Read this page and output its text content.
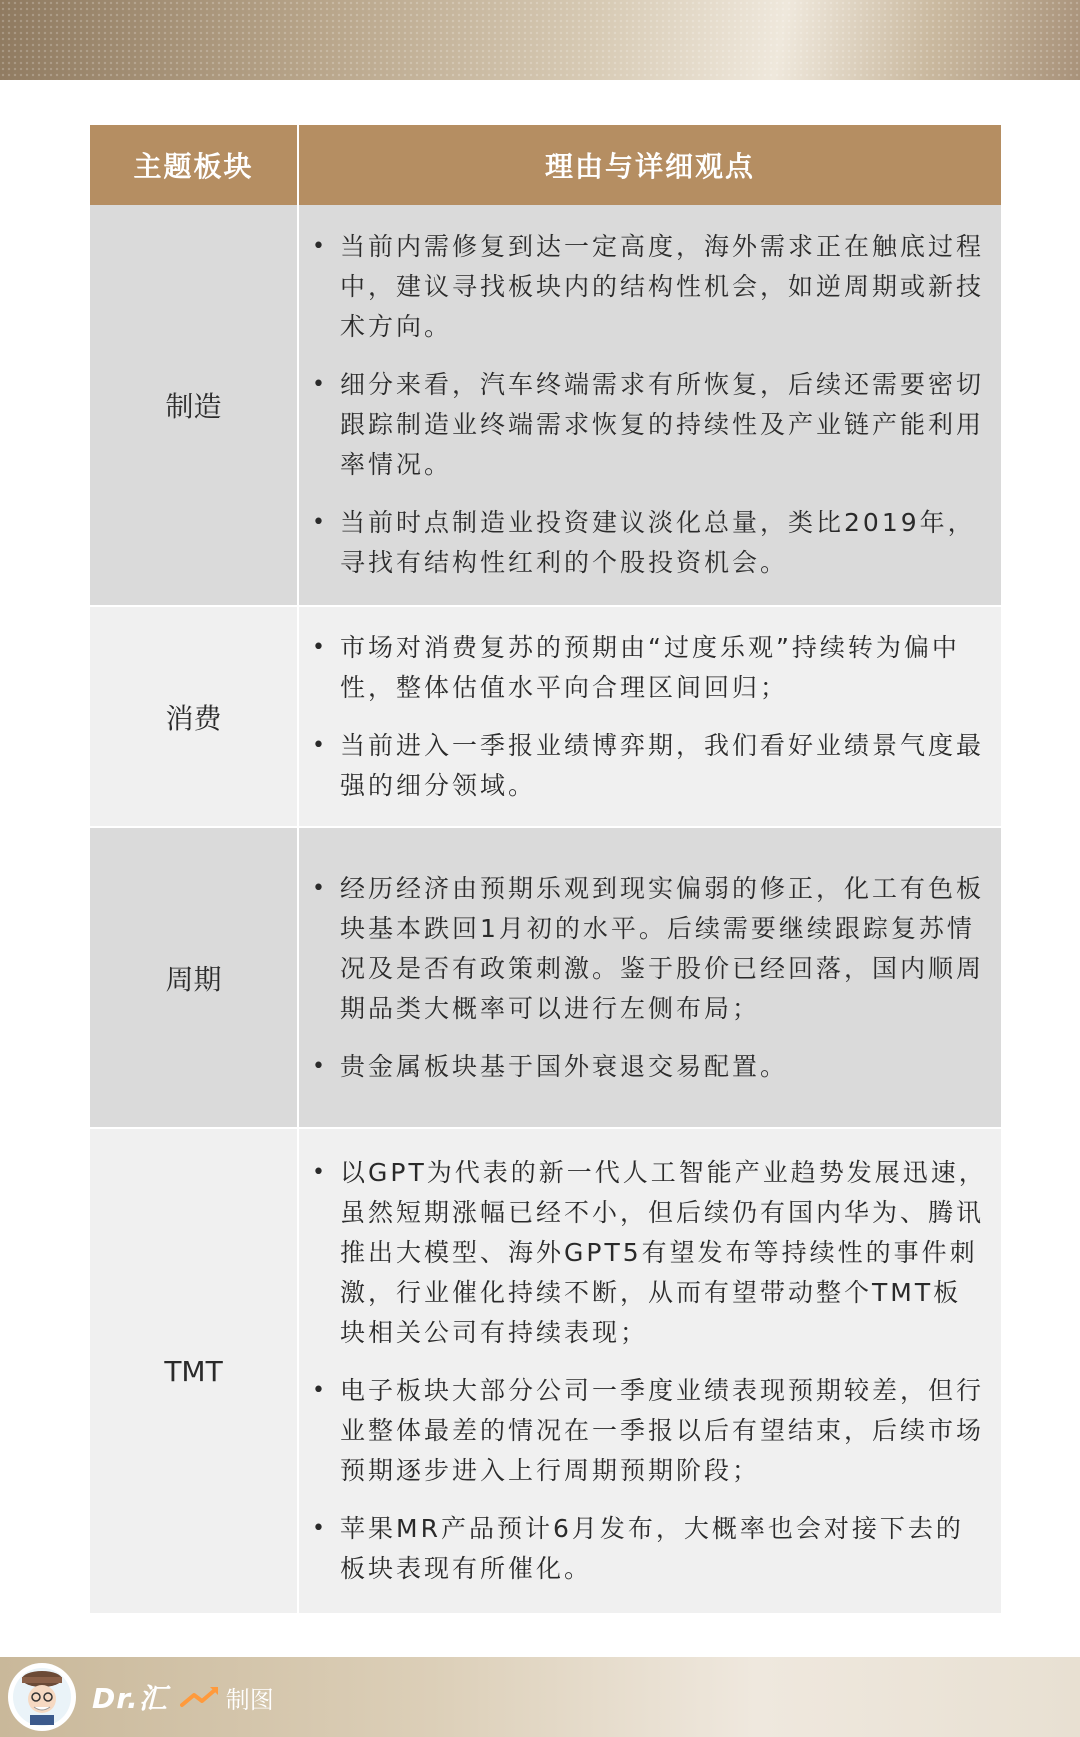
主题板块	理由与详细观点
制造
• 当前内需修复到达一定高度，海外需求正在触底过程中，建议寻找板块内的结构性机会，如逆周期或新技术方向。
• 细分来看，汽车终端需求有所恢复，后续还需要密切跟踪制造业终端需求恢复的持续性及产业链产能利用率情况。
• 当前时点制造业投资建议淡化总量，类比2019年，寻找有结构性红利的个股投资机会。
消费
• 市场对消费复苏的预期由“过度乐观”持续转为偏中性，整体估值水平向合理区间回归；
• 当前进入一季报业绩博弈期，我们看好业绩景气度最强的细分领域。
周期
• 经历经济由预期乐观到现实偏弱的修正，化工有色板块基本跌回1月初的水平。后续需要继续跟踪复苏情况及是否有政策刺激。鉴于股价已经回落，国内顺周期品类大概率可以进行左侧布局；
• 贵金属板块基于国外衰退交易配置。
TMT
• 以GPT为代表的新一代人工智能产业趋势发展迅速，虽然短期涨幅已经不小，但后续仍有国内华为、腾讯推出大模型、海外GPT5有望发布等持续性的事件刺激，行业催化持续不断，从而有望带动整个TMT板块相关公司有持续表现；
• 电子板块大部分公司一季度业绩表现预期较差，但行业整体最差的情况在一季报以后有望结束，后续市场预期逐步进入上行周期预期阶段；
• 苹果MR产品预计6月发布，大概率也会对接下去的板块表现有所催化。
Dr.汇 制图
